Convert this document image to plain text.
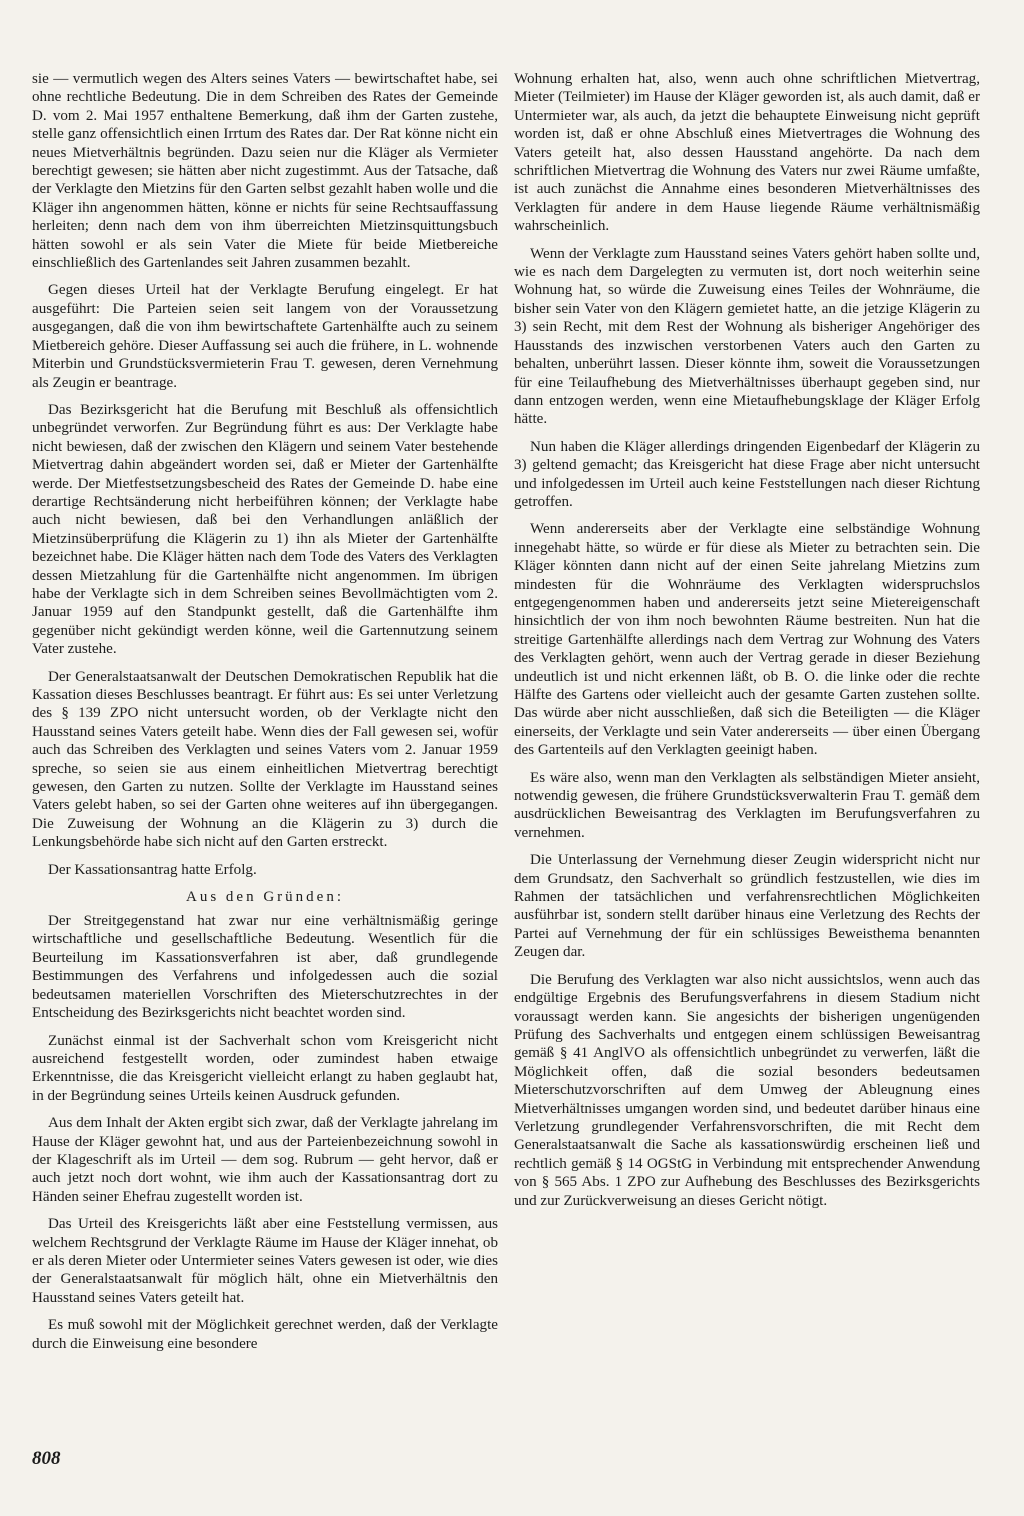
sie — vermutlich wegen des Alters seines Vaters — bewirtschaftet habe, sei ohne rechtliche Bedeutung. Die in dem Schreiben des Rates der Gemeinde D. vom 2. Mai 1957 enthaltene Bemerkung, daß ihm der Garten zustehe, stelle ganz offensichtlich einen Irrtum des Rates dar. Der Rat könne nicht ein neues Mietverhältnis begründen. Dazu seien nur die Kläger als Vermieter berechtigt gewesen; sie hätten aber nicht zugestimmt. Aus der Tatsache, daß der Verklagte den Mietzins für den Garten selbst gezahlt haben wolle und die Kläger ihn angenommen hätten, könne er nichts für seine Rechtsauffassung herleiten; denn nach dem von ihm überreichten Mietzinsquittungsbuch hätten sowohl er als sein Vater die Miete für beide Mietbereiche einschließlich des Gartenlandes seit Jahren zusammen bezahlt.

Gegen dieses Urteil hat der Verklagte Berufung eingelegt. Er hat ausgeführt: Die Parteien seien seit langem von der Voraussetzung ausgegangen, daß die von ihm bewirtschaftete Gartenhälfte auch zu seinem Mietbereich gehöre. Dieser Auffassung sei auch die frühere, in L. wohnende Miterbin und Grundstücksvermieterin Frau T. gewesen, deren Vernehmung als Zeugin er beantrage.

Das Bezirksgericht hat die Berufung mit Beschluß als offensichtlich unbegründet verworfen. Zur Begründung führt es aus: Der Verklagte habe nicht bewiesen, daß der zwischen den Klägern und seinem Vater bestehende Mietvertrag dahin abgeändert worden sei, daß er Mieter der Gartenhälfte werde. Der Mietfestsetzungsbescheid des Rates der Gemeinde D. habe eine derartige Rechtsänderung nicht herbeiführen können; der Verklagte habe auch nicht bewiesen, daß bei den Verhandlungen anläßlich der Mietzinsüberprüfung die Klägerin zu 1) ihn als Mieter der Gartenhälfte bezeichnet habe. Die Kläger hätten nach dem Tode des Vaters des Verklagten dessen Mietzahlung für die Gartenhälfte nicht angenommen. Im übrigen habe der Verklagte sich in dem Schreiben seines Bevollmächtigten vom 2. Januar 1959 auf den Standpunkt gestellt, daß die Gartenhälfte ihm gegenüber nicht gekündigt werden könne, weil die Gartennutzung seinem Vater zustehe.

Der Generalstaatsanwalt der Deutschen Demokratischen Republik hat die Kassation dieses Beschlusses beantragt. Er führt aus: Es sei unter Verletzung des § 139 ZPO nicht untersucht worden, ob der Verklagte nicht den Hausstand seines Vaters geteilt habe. Wenn dies der Fall gewesen sei, wofür auch das Schreiben des Verklagten und seines Vaters vom 2. Januar 1959 spreche, so seien sie aus einem einheitlichen Mietvertrag berechtigt gewesen, den Garten zu nutzen. Sollte der Verklagte im Hausstand seines Vaters gelebt haben, so sei der Garten ohne weiteres auf ihn übergegangen. Die Zuweisung der Wohnung an die Klägerin zu 3) durch die Lenkungsbehörde habe sich nicht auf den Garten erstreckt.

Der Kassationsantrag hatte Erfolg.

Aus den Gründen:

Der Streitgegenstand hat zwar nur eine verhältnismäßig geringe wirtschaftliche und gesellschaftliche Bedeutung. Wesentlich für die Beurteilung im Kassationsverfahren ist aber, daß grundlegende Bestimmungen des Verfahrens und infolgedessen auch die sozial bedeutsamen materiellen Vorschriften des Mieterschutzrechtes in der Entscheidung des Bezirksgerichts nicht beachtet worden sind.

Zunächst einmal ist der Sachverhalt schon vom Kreisgericht nicht ausreichend festgestellt worden, oder zumindest haben etwaige Erkenntnisse, die das Kreisgericht vielleicht erlangt zu haben geglaubt hat, in der Begründung seines Urteils keinen Ausdruck gefunden.

Aus dem Inhalt der Akten ergibt sich zwar, daß der Verklagte jahrelang im Hause der Kläger gewohnt hat, und aus der Parteienbezeichnung sowohl in der Klageschrift als im Urteil — dem sog. Rubrum — geht hervor, daß er auch jetzt noch dort wohnt, wie ihm auch der Kassationsantrag dort zu Händen seiner Ehefrau zugestellt worden ist.

Das Urteil des Kreisgerichts läßt aber eine Feststellung vermissen, aus welchem Rechtsgrund der Verklagte Räume im Hause der Kläger innehat, ob er als deren Mieter oder Untermieter seines Vaters gewesen ist oder, wie dies der Generalstaatsanwalt für möglich hält, ohne ein Mietverhältnis den Hausstand seines Vaters geteilt hat.

Es muß sowohl mit der Möglichkeit gerechnet werden, daß der Verklagte durch die Einweisung eine besondere

Wohnung erhalten hat, also, wenn auch ohne schriftlichen Mietvertrag, Mieter (Teilmieter) im Hause der Kläger geworden ist, als auch damit, daß er Untermieter war, als auch, da jetzt die behauptete Einweisung nicht geprüft worden ist, daß er ohne Abschluß eines Mietvertrages die Wohnung des Vaters geteilt hat, also dessen Hausstand angehörte. Da nach dem schriftlichen Mietvertrag die Wohnung des Vaters nur zwei Räume umfaßte, ist auch zunächst die Annahme eines besonderen Mietverhältnisses des Verklagten für andere in dem Hause liegende Räume verhältnismäßig wahrscheinlich.

Wenn der Verklagte zum Hausstand seines Vaters gehört haben sollte und, wie es nach dem Dargelegten zu vermuten ist, dort noch weiterhin seine Wohnung hat, so würde die Zuweisung eines Teiles der Wohnräume, die bisher sein Vater von den Klägern gemietet hatte, an die jetzige Klägerin zu 3) sein Recht, mit dem Rest der Wohnung als bisheriger Angehöriger des Hausstands des inzwischen verstorbenen Vaters auch den Garten zu behalten, unberührt lassen. Dieser könnte ihm, soweit die Voraussetzungen für eine Teilaufhebung des Mietverhältnisses überhaupt gegeben sind, nur dann entzogen werden, wenn eine Mietaufhebungsklage der Kläger Erfolg hätte.

Nun haben die Kläger allerdings dringenden Eigenbedarf der Klägerin zu 3) geltend gemacht; das Kreisgericht hat diese Frage aber nicht untersucht und infolgedessen im Urteil auch keine Feststellungen nach dieser Richtung getroffen.

Wenn andererseits aber der Verklagte eine selbständige Wohnung innegehabt hätte, so würde er für diese als Mieter zu betrachten sein. Die Kläger könnten dann nicht auf der einen Seite jahrelang Mietzins zum mindesten für die Wohnräume des Verklagten widerspruchslos entgegengenommen haben und andererseits jetzt seine Mietereigenschaft hinsichtlich der von ihm noch bewohnten Räume bestreiten. Nun hat die streitige Gartenhälfte allerdings nach dem Vertrag zur Wohnung des Vaters des Verklagten gehört, wenn auch der Vertrag gerade in dieser Beziehung undeutlich ist und nicht erkennen läßt, ob B. O. die linke oder die rechte Hälfte des Gartens oder vielleicht auch der gesamte Garten zustehen sollte. Das würde aber nicht ausschließen, daß sich die Beteiligten — die Kläger einerseits, der Verklagte und sein Vater andererseits — über einen Übergang des Gartenteils auf den Verklagten geeinigt haben.

Es wäre also, wenn man den Verklagten als selbständigen Mieter ansieht, notwendig gewesen, die frühere Grundstücksverwalterin Frau T. gemäß dem ausdrücklichen Beweisantrag des Verklagten im Berufungsverfahren zu vernehmen.

Die Unterlassung der Vernehmung dieser Zeugin widerspricht nicht nur dem Grundsatz, den Sachverhalt so gründlich festzustellen, wie dies im Rahmen der tatsächlichen und verfahrensrechtlichen Möglichkeiten ausführbar ist, sondern stellt darüber hinaus eine Verletzung des Rechts der Partei auf Vernehmung der für ein schlüssiges Beweisthema benannten Zeugen dar.

Die Berufung des Verklagten war also nicht aussichtslos, wenn auch das endgültige Ergebnis des Berufungsverfahrens in diesem Stadium nicht voraussagt werden kann. Sie angesichts der bisherigen ungenügenden Prüfung des Sachverhalts und entgegen einem schlüssigen Beweisantrag gemäß § 41 AnglVO als offensichtlich unbegründet zu verwerfen, läßt die Möglichkeit offen, daß die sozial besonders bedeutsamen Mieterschutzvorschriften auf dem Umweg der Ableugnung eines Mietverhältnisses umgangen worden sind, und bedeutet darüber hinaus eine Verletzung grundlegender Verfahrensvorschriften, die mit Recht dem Generalstaatsanwalt die Sache als kassationswürdig erscheinen ließ und rechtlich gemäß § 14 OGStG in Verbindung mit entsprechender Anwendung von § 565 Abs. 1 ZPO zur Aufhebung des Beschlusses des Bezirksgerichts und zur Zurückverweisung an dieses Gericht nötigt.

808
